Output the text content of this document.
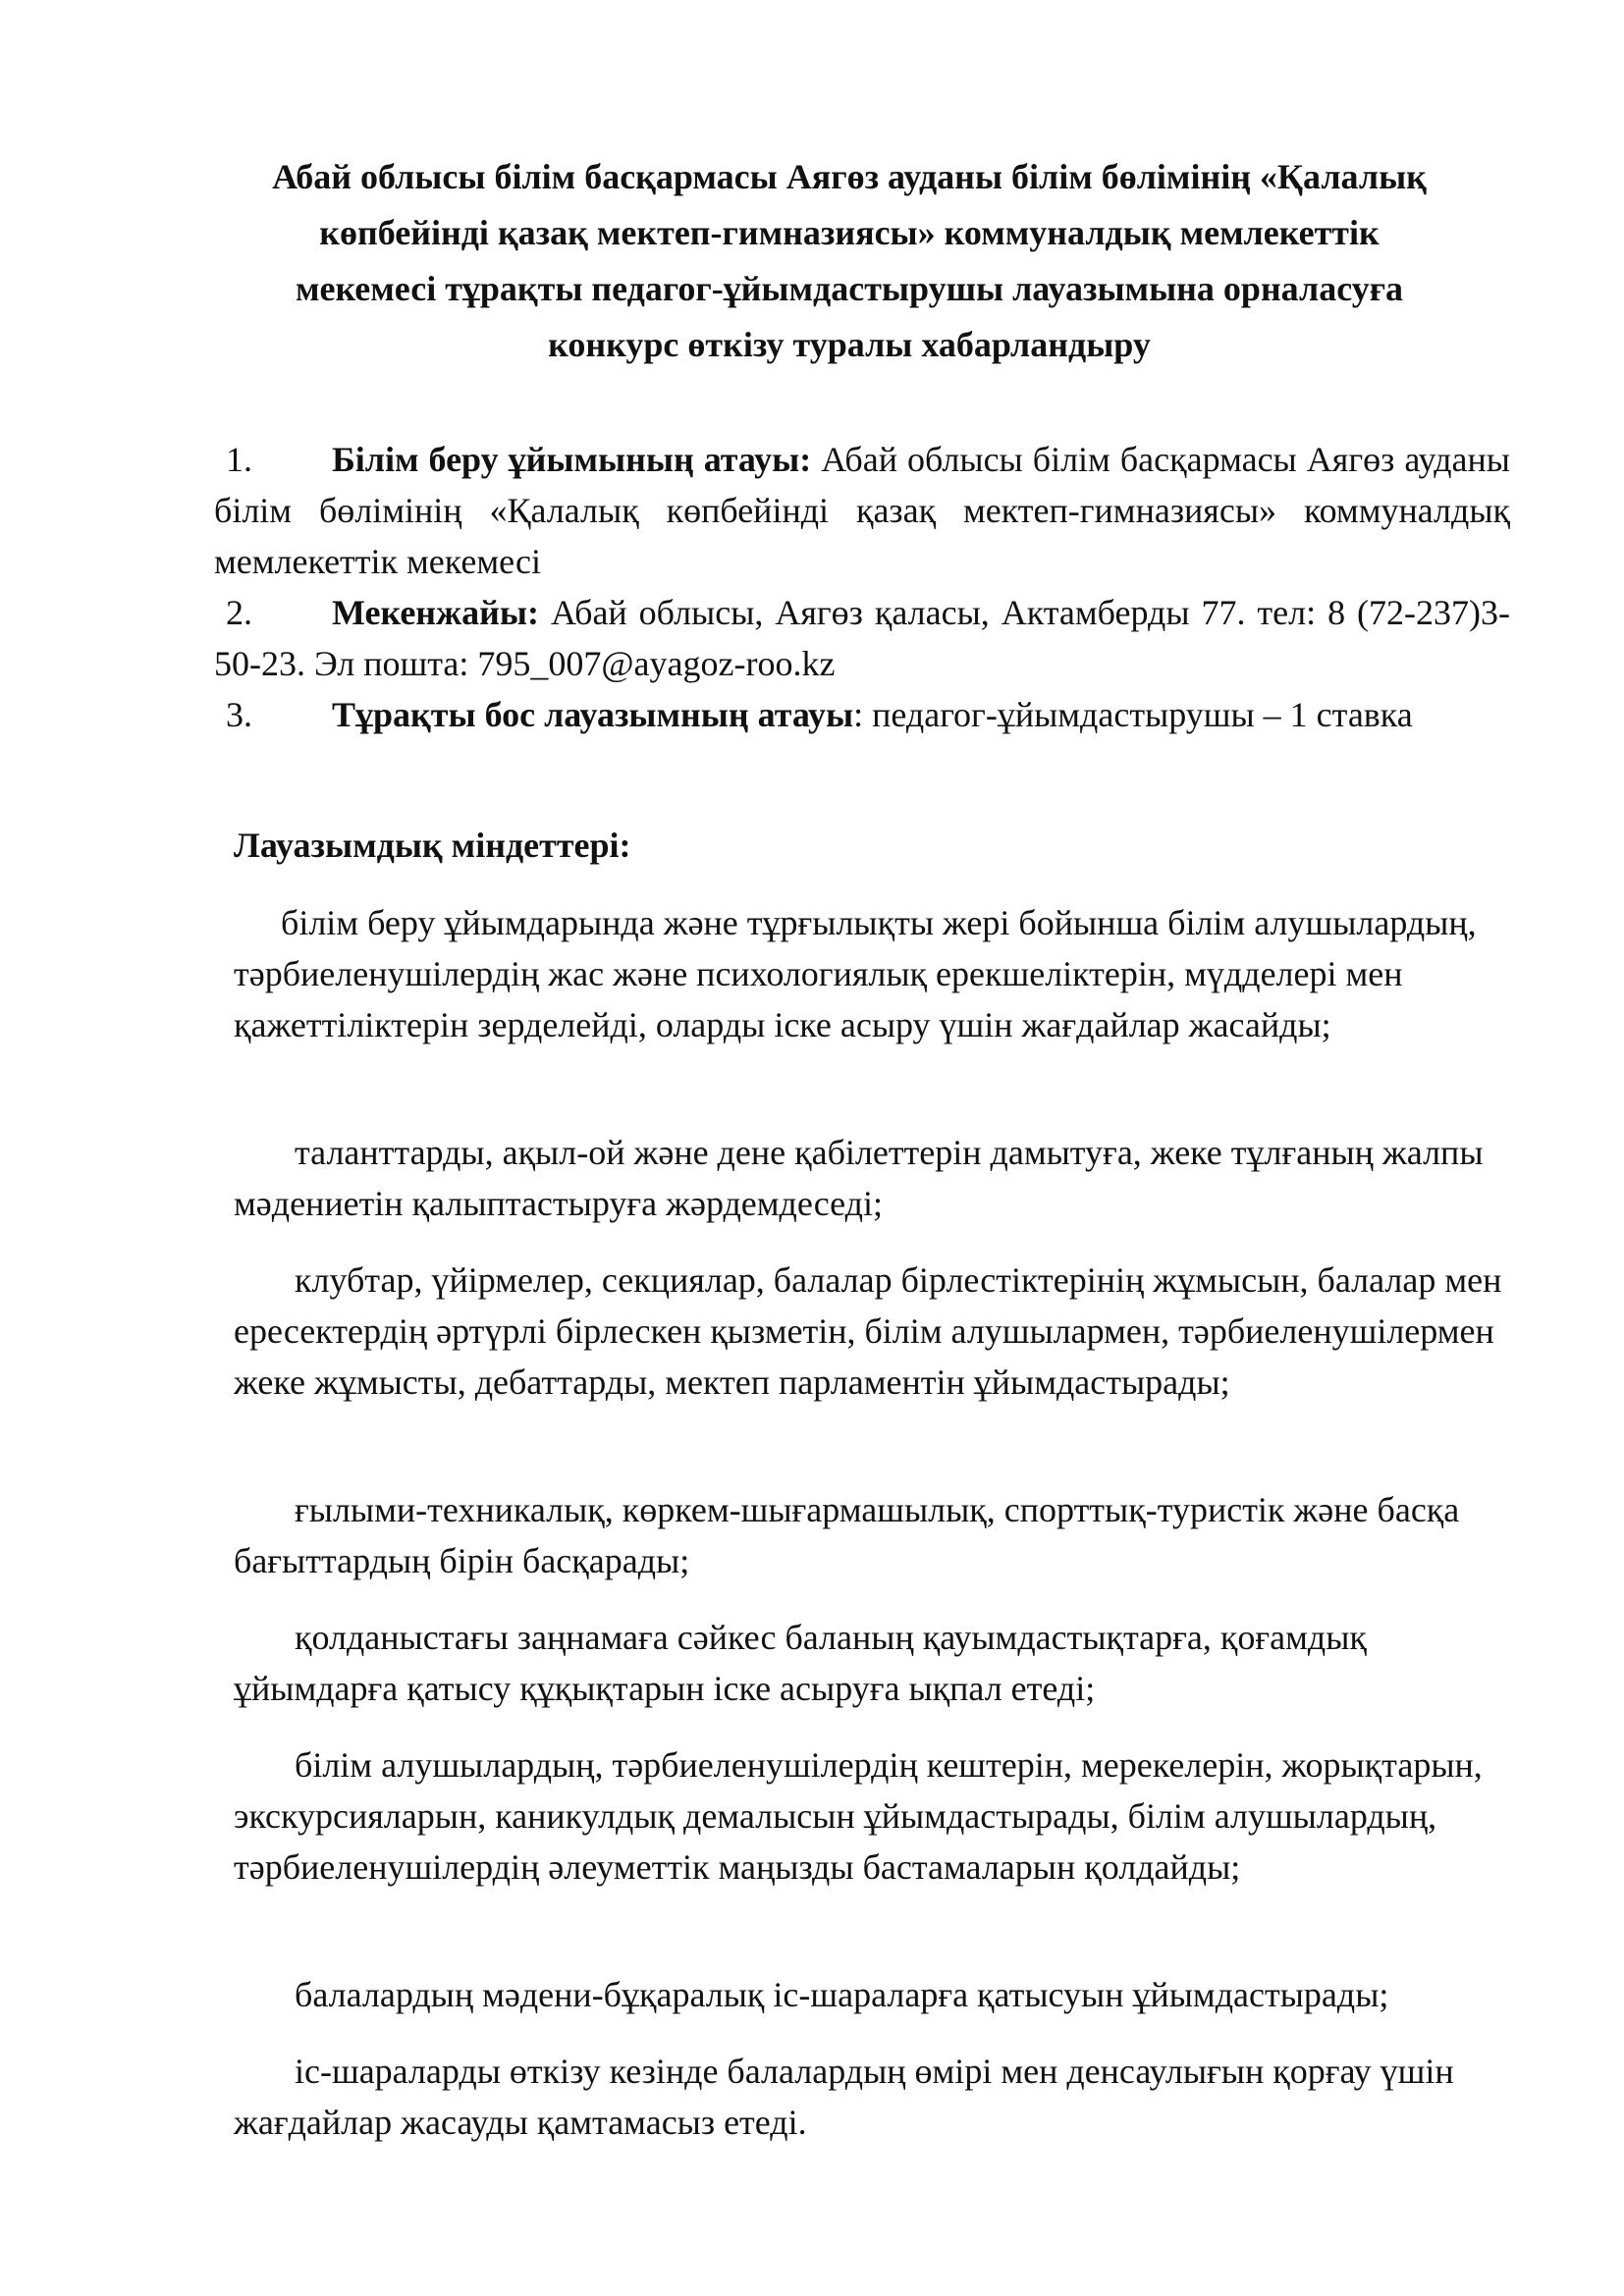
Абай облысы білім басқармасы Аягөз ауданы білім бөлімінің «Қалалық
көпбейінді қазақ мектеп-гимназиясы» коммуналдық мемлекеттік
мекемесі тұрақты педагог-ұйымдастырушы лауазымына орналасуға
конкурс өткізу туралы хабарландыру
1.	Білім беру ұйымының атауы: Абай облысы білім басқармасы Аягөз ауданы білім бөлімінің «Қалалық көпбейінді қазақ мектеп-гимназиясы» коммуналдық мемлекеттік мекемесі
2.	Мекенжайы: Абай облысы, Аягөз қаласы, Актамберды 77. тел: 8 (72-237)3-50-23. Эл пошта: 795_007@ayagoz-roo.kz
3.	Тұрақты бос лауазымның атауы: педагог-ұйымдастырушы – 1 ставка
Лауазымдық міндеттері:

білім беру ұйымдарында және тұрғылықты жері бойынша білім алушылардың, тәрбиеленушілердің жас және психологиялық ерекшеліктерін, мүдделері мен қажеттіліктерін зерделейді, оларды іске асыру үшін жағдайлар жасайды;

таланттарды, ақыл-ой және дене қабілеттерін дамытуға, жеке тұлғаның жалпы мәдениетін қалыптастыруға жәрдемдеседі;

клубтар, үйірмелер, секциялар, балалар бірлестіктерінің жұмысын, балалар мен ересектердің әртүрлі бірлескен қызметін, білім алушылармен, тәрбиеленушілермен жеке жұмысты, дебаттарды, мектеп парламентін ұйымдастырады;

ғылыми-техникалық, көркем-шығармашылық, спорттық-туристік және басқа бағыттардың бірін басқарады;

қолданыстағы заңнамаға сәйкес баланың қауымдастықтарға, қоғамдық ұйымдарға қатысу құқықтарын іске асыруға ықпал етеді;

білім алушылардың, тәрбиеленушілердің кештерін, мерекелерін, жорықтарын, экскурсияларын, каникулдық демалысын ұйымдастырады, білім алушылардың, тәрбиеленушілердің әлеуметтік маңызды бастамаларын қолдайды;

балалардың мәдени-бұқаралық іс-шараларға қатысуын ұйымдастырады;

іс-шараларды өткізу кезінде балалардың өмірі мен денсаулығын қорғау үшін жағдайлар жасауды қамтамасыз етеді.
